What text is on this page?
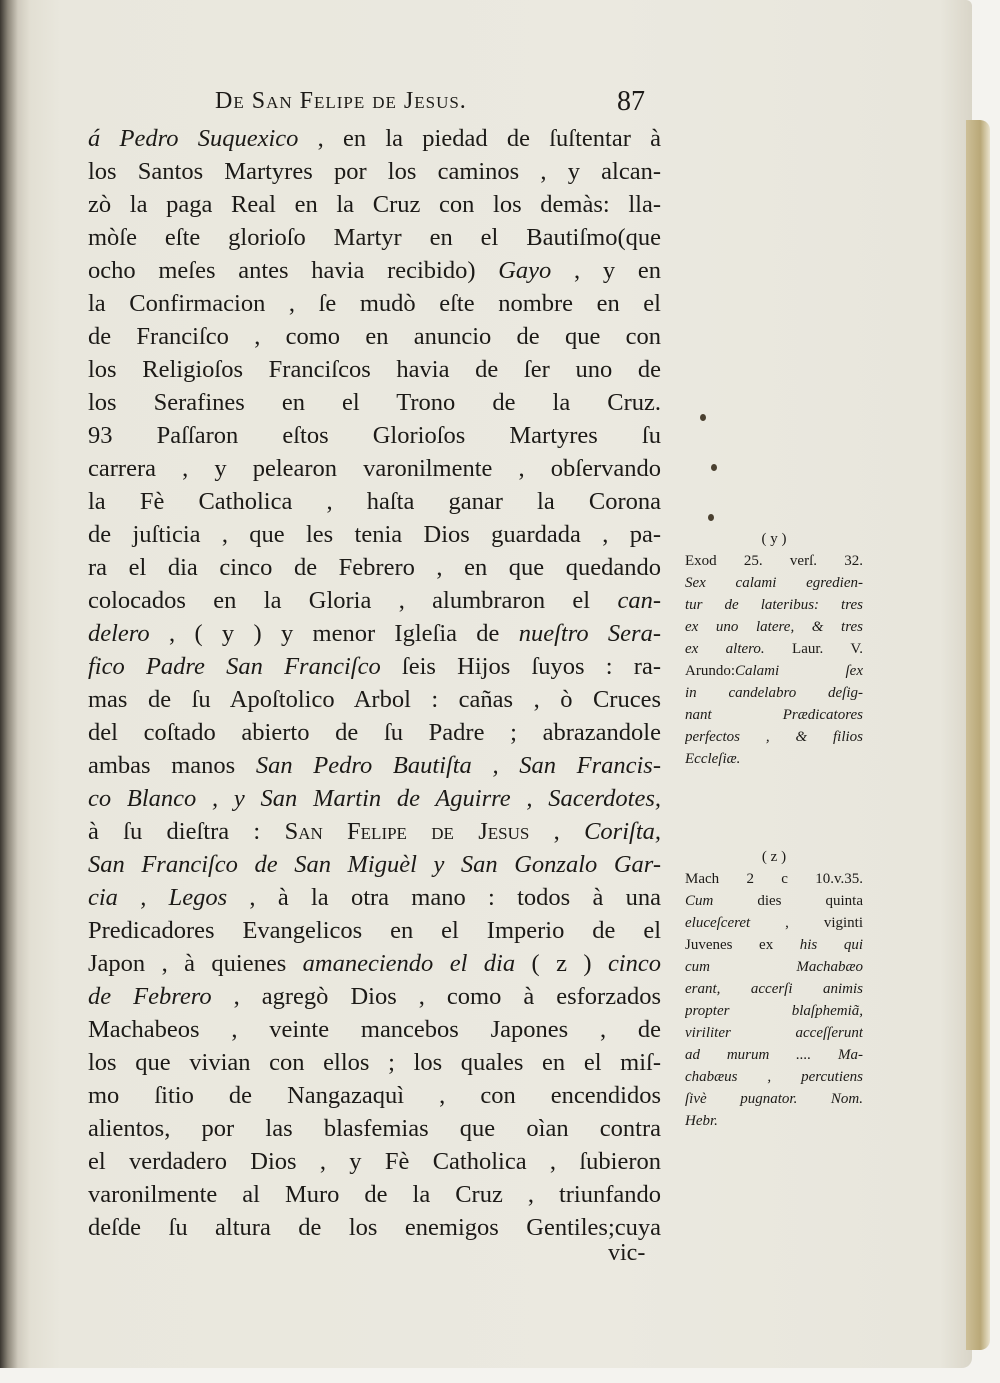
De San Felipe de Jesus.	87
á Pedro Suquexico , en la piedad de ſuſtentar à
los Santos Martyres por los caminos , y alcan-
zò la paga Real en la Cruz con los demàs: lla-
mòſe eſte glorioſo Martyr en el Bautiſmo(que
ocho meſes antes havia recibido) Gayo , y en
la Confirmacion , ſe mudò eſte nombre en el
de Franciſco , como en anuncio de que con
los Religioſos Franciſcos havia de ſer uno de
los Serafines en el Trono de la Cruz.
93 Paſſaron eſtos Glorioſos Martyres ſu
carrera , y pelearon varonilmente , obſervando
la Fè Catholica , haſta ganar la Corona
de juſticia , que les tenia Dios guardada , pa-
ra el dia cinco de Febrero , en que quedando
colocados en la Gloria , alumbraron el can-
delero , ( y ) y menor Igleſia de nueſtro Sera-
fico Padre San Franciſco ſeis Hijos ſuyos : ra-
mas de ſu Apoſtolico Arbol : cañas , ò Cruces
del coſtado abierto de ſu Padre ; abrazandole
ambas manos San Pedro Bautiſta , San Francis-
co Blanco , y San Martin de Aguirre , Sacerdotes,
à ſu dieſtra : San Felipe de Jesus , Coriſta,
San Franciſco de San Miguèl y San Gonzalo Gar-
cia , Legos , à la otra mano : todos à una
Predicadores Evangelicos en el Imperio de el
Japon , à quienes amaneciendo el dia ( z ) cinco
de Febrero , agregò Dios , como à esforzados
Machabeos , veinte mancebos Japones , de
los que vivian con ellos ; los quales en el miſ-
mo ſitio de Nangazaquì , con encendidos
alientos, por las blasfemias que oìan contra
el verdadero Dios , y Fè Catholica , ſubieron
varonilmente al Muro de la Cruz , triunfando
deſde ſu altura de los enemigos Gentiles;cuya
( y )
Exod 25. verſ. 32.
Sex calami egredien-
tur de lateribus: tres
ex uno latere, & tres
ex altero. Laur. V.
Arundo:Calami ſex
in candelabro deſig-
nant Prædicatores
perfectos , & filios
Eccleſiæ.
( z )
Mach 2 c 10.v.35.
Cum dies quinta
eluceſceret , viginti
Juvenes ex his qui
cum Machabæo
erant, accerſi animis
propter blaſphemiã,
viriliter acceſſerunt
ad murum .... Ma-
chabæus , percutiens
ſivè pugnator. Nom.
Hebr.
vic-
